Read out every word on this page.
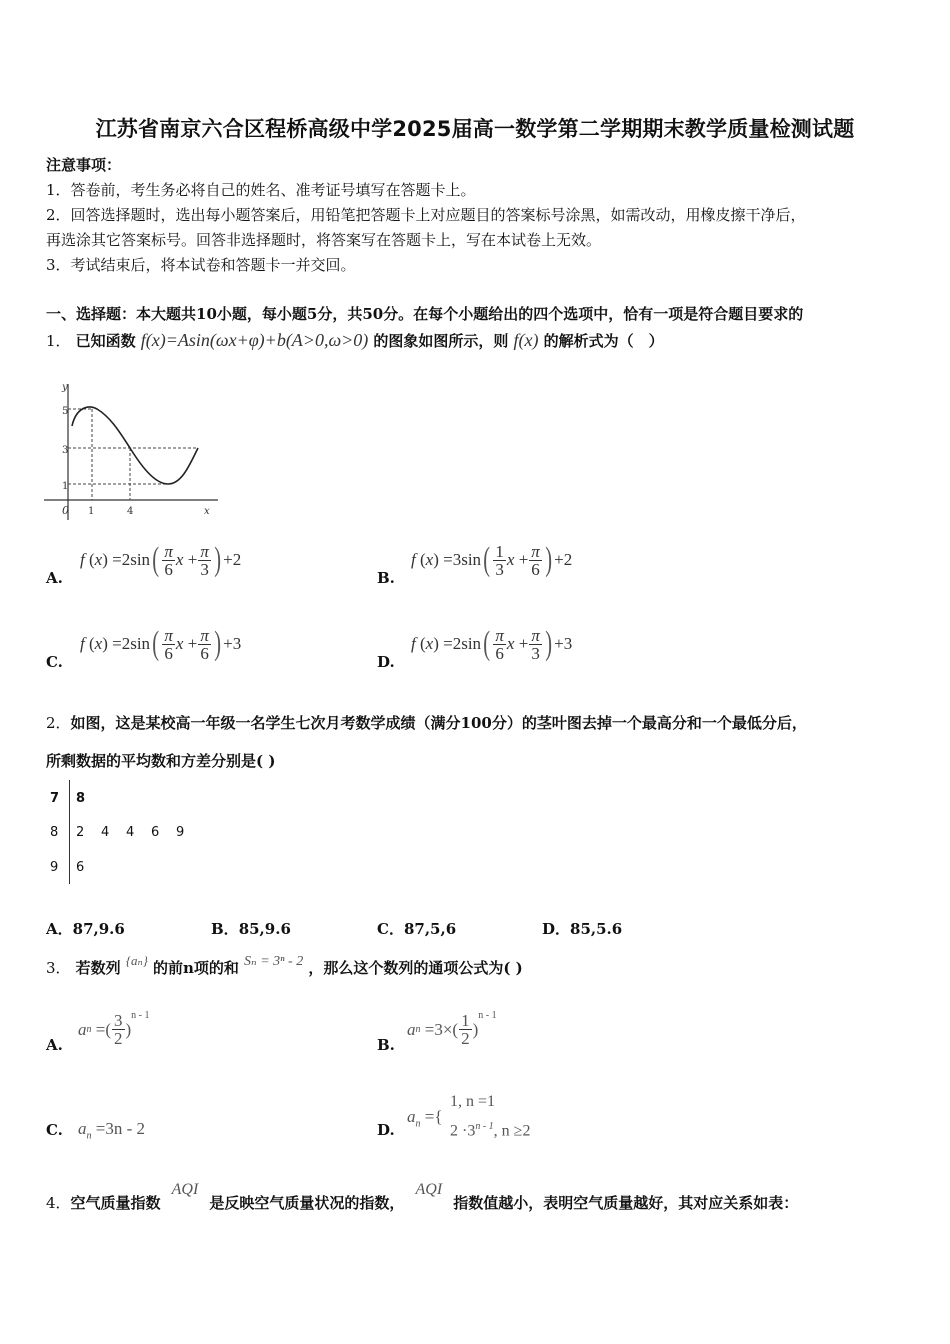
江苏省南京六合区程桥高级中学2025届高一数学第二学期期末教学质量检测试题
注意事项：
1．答卷前，考生务必将自己的姓名、准考证号填写在答题卡上。
2．回答选择题时，选出每小题答案后，用铅笔把答题卡上对应题目的答案标号涂黑，如需改动，用橡皮擦干净后，
再选涂其它答案标号。回答非选择题时，将答案写在答题卡上，写在本试卷上无效。
3．考试结束后，将本试卷和答题卡一并交回。
一、选择题：本大题共10小题，每小题5分，共50分。在每个小题给出的四个选项中，恰有一项是符合题目要求的
1． 已知函数 f(x)=Asin(ωx+φ)+b(A>0,ω>0) 的图象如图所示，则 f(x) 的解析式为（　）
y
x
0
5
3
1
1	4
A.
f
( x ) = 2 sin ( $\frac{\pi}{6}$ $x + \frac{\pi}{3}$ ) + 2
B.
f
( x ) = 3 sin ( $\frac{1}{3}$ $x + \frac{\pi}{6}$ ) + 2
C.
f
( x ) = 2 sin ( $\frac{\pi}{6}$ $x + \frac{\pi}{6}$ ) + 3
D.
f
( x ) = 2 sin ( $\frac{\pi}{6}$ $x + \frac{\pi}{3}$ ) + 3
2．如图，这是某校高一年级一名学生七次月考数学成绩（满分100分）的茎叶图去掉一个最高分和一个最低分后，
所剩数据的平均数和方差分别是( )
7 8
8 2 4 4 6 9
9 6
A．87,9.6	B．85,9.6	C．87,5,6	D．85,5.6
3． 若数列 $^{\{a_n\}}$ 的前n项的和 Sₙ = 3ⁿ - 2 ，那么这个数列的通项公式为( )
A.
a n
=( $\frac{3}{2}$ )
$^{n - 1}$
B.
a n
$=3\times( \frac{1}{2}$ )
$^{n - 1}$
C. $a_n =3n - 2$	D.
$a_n$ ={
1, n =1
$2 \cdot 3^{n - 1}$, n ≥2
4．空气质量指数 AQI 是反映空气质量状况的指数， AQI 指数值越小，表明空气质量越好，其对应关系如表：
